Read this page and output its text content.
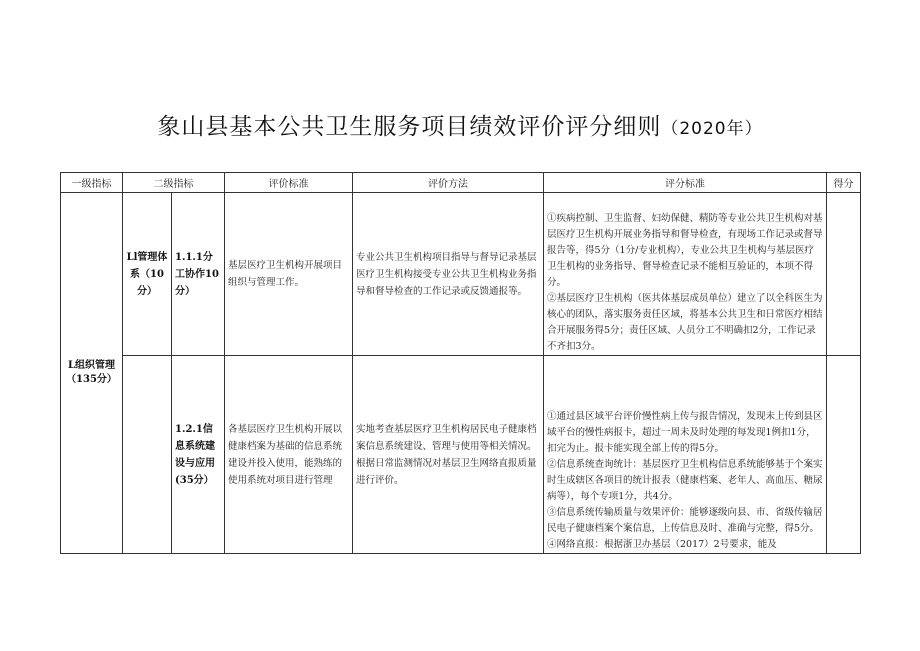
象山县基本公共卫生服务项目绩效评价评分细则（2020年）
一级指标	二级指标		评价标准	评价方法	评分标准	得分
L组织管理（135分）	Ll管理体系（10分）	1.1.1分工协作10分）	基层医疗卫生机构开展项目组织与管理工作。	专业公共卫生机构项目指导与督导记录基层医疗卫生机构接受专业公共卫生机构业务指导和督导检查的工作记录或反馈通报等。	①疾病控制、卫生监督、妇幼保健、精防等专业公共卫生机构对基层医疗卫生机构开展业务指导和督导检查，有现场工作记录或督导报告等，得5分（1分/专业机构），专业公共卫生机构与基层医疗卫生机构的业务指导、督导检查记录不能相互验证的，本项不得分。

②基层医疗卫生机构（医共体基层成员单位）建立了以全科医生为核心的团队，落实服务责任区域，将基本公共卫生和日常医疗相结合开展服务得5分；责任区域、人员分工不明确扣2分，工作记录不齐扣3分。	

		1.2.1信息系统建设与应用(35分）	各基层医疗卫生机构开展以健康档案为基础的信息系统建设并投入使用，能熟练的使用系统对项目进行管理	实地考查基层医疗卫生机构居民电子健康档案信息系统建设、管理与使用等相关情况。根据日常监测情况对基层卫生网络直报质量进行评价。	①通过县区域平台评价慢性病上传与报告情况，发现未上传到县区域平台的慢性病报卡，超过一周未及时处理的每发现1例扣1分，扣完为止。报卡能实现全部上传的得5分。

②信息系统查询统计：基层医疗卫生机构信息系统能够基于个案实时生成辖区各项目的统计报表（健康档案、老年人、高血压、糖尿病等），每个专项1分，共4分。

③信息系统传输质量与效果评价：能够逐级向县、市、省级传输居民电子健康档案个案信息，上传信息及时、准确与完整，得5分。

④网络直报：根据浙卫办基层（2017）2号要求，能及	
